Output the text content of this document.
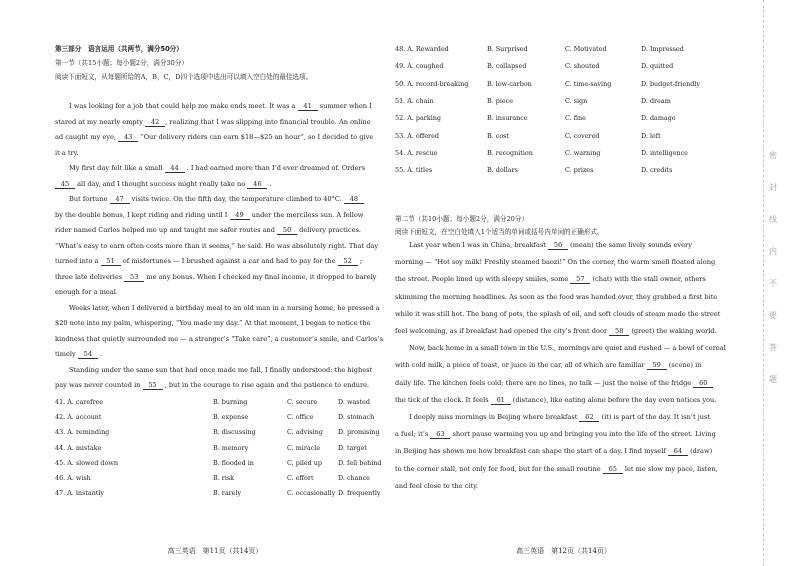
第三部分　语言运用（共两节，满分50分）
第一节（共15小题；每小题2分，满分30分）
阅读下面短文，从每题所给的A，B，C，D四个选项中选出可以填入空白处的最佳选项。
I was looking for a job that could help me make ends meet. It was a 41 summer when I
stared at my nearly empty 42 , realizing that I was slipping into financial trouble. An online
ad caught my eye, 43 “Our delivery riders can earn $18—$25 an hour”, so I decided to give
it a try.
My first day felt like a small 44 . I had earned more than I’d ever dreamed of. Orders
45 all day, and I thought success might really take no 46 .
But fortune 47 visits twice. On the fifth day, the temperature climbed to 40°C. 48
by the double bonus, I kept riding and riding until I 49 under the merciless sun. A fellow
rider named Carlos helped me up and taught me safer routes and 50 delivery practices.
“What’s easy to earn often costs more than it seems,” he said. He was absolutely right. That day
turned into a 51 of misfortunes — I brushed against a car and had to pay for the 52 ;
three late deliveries 53 me any bonus. When I checked my final income, it dropped to barely
enough for a meal.
Weeks later, when I delivered a birthday meal to an old man in a nursing home, he pressed a
$20 note into my palm, whispering, “You made my day.” At that moment, I began to notice the
kindness that quietly surrounded me — a stranger’s “Take care”, a customer’s smile, and Carlos’s
timely 54 .
Standing under the same sun that had once made me fall, I finally understood: the highest
pay was never counted in 55 , but in the courage to rise again and the patience to endure.
41. A. carefree	B. burning	C. secure	D. wasted
42. A. account	B. expense	C. office	D. stomach
43. A. reminding	B. discussing	C. advising D. promising
44. A. mistake	B. memory	C. miracle	D. target
45. A. slowed down	B. flooded in	C. piled up D. fell behind
46. A. wish	B. risk	C. effort	D. chance
47. A. instantly	B. rarely	C. occasionally D. frequently
高三英语　第11页（共14页）
48. A. Rewarded	B. Surprised	C. Motivated	D. Impressed
49. A. coughed	B. collapsed	C. shouted	D. quitted
50. A. record-breaking	B. low-carbon	C. time-saving	D. budget-friendly
51. A. chain	B. piece	C. sign	D. dream
52. A. parking	B. insurance	C. fine	D. damage
53. A. offered	B. cost	C. covered	D. left
54. A. rescue	B. recognition	C. warning	D. intelligence
55. A. titles	B. dollars	C. prizes	D. credits
第二节（共10小题；每小题2分，满分20分）
阅读下面短文，在空白处填入1个适当的单词或括号内单词的正确形式。
Last year when I was in China, breakfast 56 (mean) the same lively sounds every
morning — “Hot soy milk! Freshly steamed baozi!” On the corner, the warm smell floated along
the street. People lined up with sleepy smiles, some 57 (chat) with the stall owner, others
skimming the morning headlines. As soon as the food was handed over, they grabbed a first bite
while it was still hot. The bang of pots, the splash of oil, and soft clouds of steam made the street
feel welcoming, as if breakfast had opened the city’s front door 58 (greet) the waking world.
Now, back home in a small town in the U.S., mornings are quiet and rushed — a bowl of cereal
with cold milk, a piece of toast, or juice in the car, all of which are familiar 59 (scene) in
daily life. The kitchen feels cold; there are no lines, no talk — just the noise of the fridge 60
the tick of the clock. It feels 61 (distance), like eating alone before the day even notices you.
I deeply miss mornings in Beijing where breakfast 62 (it) is part of the day. It isn’t just
a fuel; it’s 63 short pause warming you up and bringing you into the life of the street. Living
in Beijing has shown me how breakfast can shape the start of a day. I find myself 64 (draw)
to the corner stall, not only for food, but for the small routine 65 let me slow my pace, listen,
and feel close to the city.
高三英语　第12页（共14页）
密
封
线
内
不
要
答
题
